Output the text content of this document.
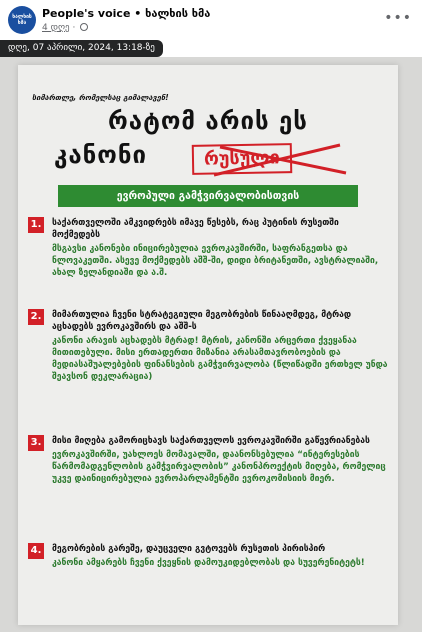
ხალხის
ხმა
People's voice • ხალხის ხმა
4 დღე ·
•••
დღე, 07 აპრილი, 2024, 13:18-ზე
სიმართლე, რომელსაც გიმალავენ!
რატომ არის ეს
კანონი	რუსული
ევროპული გამჭვირვალობისთვის
1.	საქართველოში ამკვიდრებს იმავე წესებს, რაც პუტინის რუსეთში მოქმედებს
მსგავსი კანონები ინიცირებულია ევროკავშირში, საფრანგეთსა და ნლოვაკეთში. ასევე მოქმედებს აშშ-ში, დიდი ბრიტანეთში, ავსტრალიაში, ახალ ზელანდიაში და ა.შ.
2.	მიმართულია ჩვენი სტრატეგიული მეგობრების წინააღმდეგ, მტრად აცხადებს ევროკავშირს და აშშ-ს
კანონი არავის აცხადებს მტრად! მტრის, კანონში არცერთი ქვეყანაა მითითებული. მისი ერთადერთი მიზანია არასამთავრობოების და მედიასაშუალებების ფინანსების გამჭვირვალობა (წლიწადში ერთხელ უნდა შეავსონ დეკლარაცია)
3.	მისი მიღება გამორიცხავს საქართველოს ევროკავშირში გაწევრიანებას
ევროკავშირში, უახლოეს მომავალში, დაანონსებულია “ინტერესების წარმომადგენლობის გამჭვირვალობის” კანონპროექტის მიღება, რომელიც უკვე დაინიცირებულია ევროპარლამენტში ევროკომისიის მიერ.
4.	მეგობრების გარეშე, დაუცველი გვტოვებს რუსეთის პირისპირ
კანონი ამყარებს ჩვენი ქვეყნის დამოუკიდებლობას და სუვერენიტეტს!
